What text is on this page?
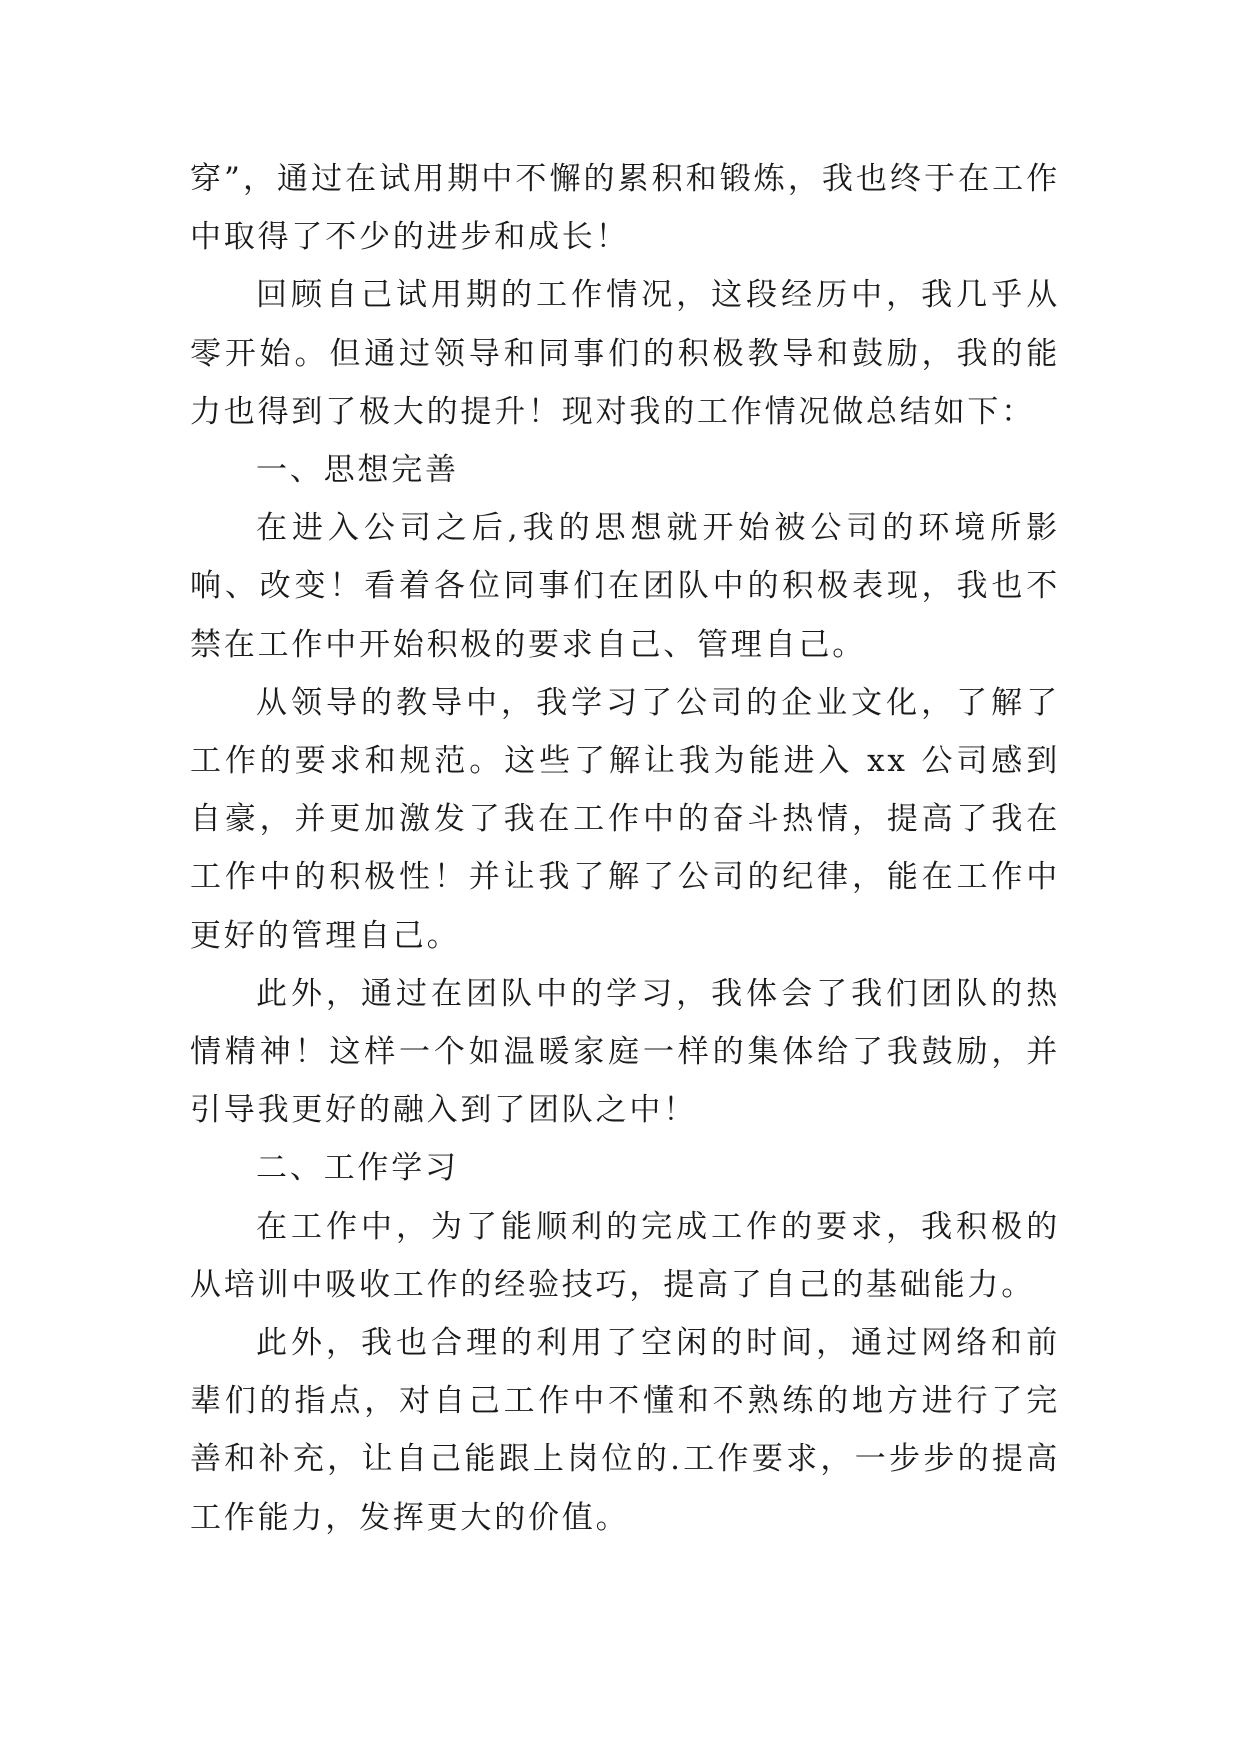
穿”，通过在试用期中不懈的累积和锻炼，我也终于在工作中取得了不少的进步和成长！

回顾自己试用期的工作情况，这段经历中，我几乎从零开始。但通过领导和同事们的积极教导和鼓励，我的能力也得到了极大的提升！现对我的工作情况做总结如下：

一、思想完善

在进入公司之后,我的思想就开始被公司的环境所影响、改变！看着各位同事们在团队中的积极表现，我也不禁在工作中开始积极的要求自己、管理自己。

从领导的教导中，我学习了公司的企业文化，了解了工作的要求和规范。这些了解让我为能进入 xx 公司感到自豪，并更加激发了我在工作中的奋斗热情，提高了我在工作中的积极性！并让我了解了公司的纪律，能在工作中更好的管理自己。

此外，通过在团队中的学习，我体会了我们团队的热情精神！这样一个如温暖家庭一样的集体给了我鼓励，并引导我更好的融入到了团队之中！

二、工作学习

在工作中，为了能顺利的完成工作的要求，我积极的从培训中吸收工作的经验技巧，提高了自己的基础能力。

此外，我也合理的利用了空闲的时间，通过网络和前辈们的指点，对自己工作中不懂和不熟练的地方进行了完善和补充，让自己能跟上岗位的.工作要求，一步步的提高工作能力，发挥更大的价值。
